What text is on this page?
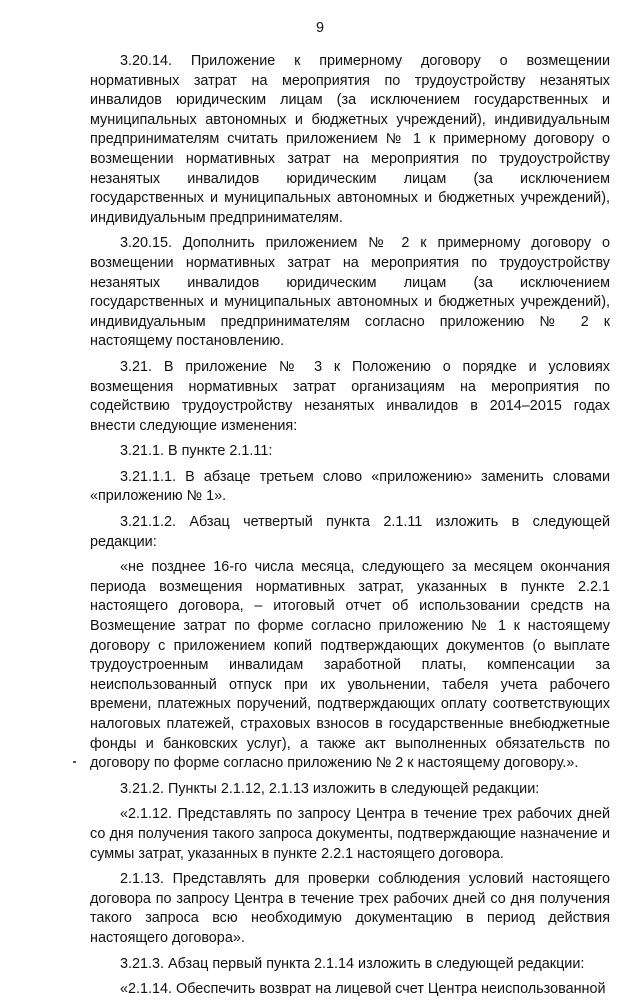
9

3.20.14. Приложение к примерному договору о возмещении нормативных затрат на мероприятия по трудоустройству незанятых инвалидов юридическим лицам (за исключением государственных и муниципальных автономных и бюджетных учреждений), индивидуальным предпринимателям считать приложением № 1 к примерному договору о возмещении нормативных затрат на мероприятия по трудоустройству незанятых инвалидов юридическим лицам (за исключением государственных и муниципальных автономных и бюджетных учреждений), индивидуальным предпринимателям.

3.20.15. Дополнить приложением № 2 к примерному договору о возмещении нормативных затрат на мероприятия по трудоустройству незанятых инвалидов юридическим лицам (за исключением государственных и муниципальных автономных и бюджетных учреждений), индивидуальным предпринимателям согласно приложению № 2 к настоящему постановлению.

3.21. В приложение № 3 к Положению о порядке и условиях возмещения нормативных затрат организациям на мероприятия по содействию трудоустройству незанятых инвалидов в 2014–2015 годах внести следующие изменения:

3.21.1. В пункте 2.1.11:

3.21.1.1. В абзаце третьем слово «приложению» заменить словами «приложению № 1».

3.21.1.2. Абзац четвертый пункта 2.1.11 изложить в следующей редакции:

«не позднее 16-го числа месяца, следующего за месяцем окончания периода возмещения нормативных затрат, указанных в пункте 2.2.1 настоящего договора, – итоговый отчет об использовании средств на Возмещение затрат по форме согласно приложению № 1 к настоящему договору с приложением копий подтверждающих документов (о выплате трудоустроенным инвалидам заработной платы, компенсации за неиспользованный отпуск при их увольнении, табеля учета рабочего времени, платежных поручений, подтверждающих оплату соответствующих налоговых платежей, страховых взносов в государственные внебюджетные фонды и банковских услуг), а также акт выполненных обязательств по договору по форме согласно приложению № 2 к настоящему договору.».

3.21.2. Пункты 2.1.12, 2.1.13 изложить в следующей редакции:

«2.1.12. Представлять по запросу Центра в течение трех рабочих дней со дня получения такого запроса документы, подтверждающие назначение и суммы затрат, указанных в пункте 2.2.1 настоящего договора.

2.1.13. Представлять для проверки соблюдения условий настоящего договора по запросу Центра в течение трех рабочих дней со дня получения такого запроса всю необходимую документацию в период действия настоящего договора».

3.21.3. Абзац первый пункта 2.1.14 изложить в следующей редакции:

«2.1.14. Обеспечить возврат на лицевой счет Центра неиспользованной
